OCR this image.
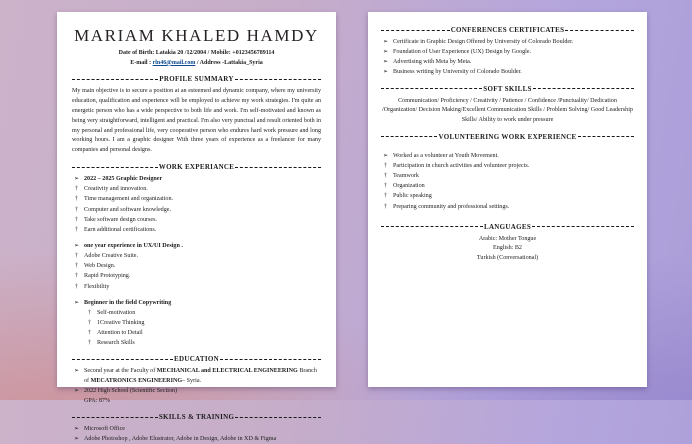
MARIAM KHALED HAMDY
Date of Birth: Latakia 20 /12/2004 / Mobile: +0123456789114
E-mail : rln46@mail.com / Address -Lattakia_Syria
PROFILE SUMMARY
My main objective is to secure a position at an esteemed and dynamic company, where my university education, qualification and experience will be employed to achieve my work strategies. I'm quite an energetic person who has a wide perspective to both life and work. I'm self-motivated and known as being very straightforward, intelligent and practical. I'm also very punctual and result oriented both in my personal and professional life, very cooperative person who endures hard work pressure and long working hours. I am a graphic designer With three years of experience as a freelancer for many companies and personal designs.
WORK EXPERIANCE
➢ 2022 – 2025 Graphic Designer
† Creativity and innovation.
† Time management and organization.
† Computer and software knowledge.
† Take software design courses.
† Earn additional certifications.
➢ one year experience in UX/UI Design .
† Adobe Creative Suite.
† Web Design.
† Rapid Prototyping.
† Flexibility
➢ Beginner in the field Copywriting
† Self-motivation
† 1Creative Thinking
† Attention to Detail
† Research Skills
EDUCATION
➢ Second year at the Faculty of MECHANICAL and ELECTRICAL ENGINEERING Branch of MECATRONICS ENGINEERING– Syria.
➢ 2022 High School (Scientific Section)
GPA: 87%
SKILLS & TRAINING
➢ Microsoft Office
➢ Adobe Photoshop , Adobe Elustrator, Adobe in Design, Adobe in XD & Figma
CONFERENCES CERTIFICATES
➢ Certificate in Graphic Design Offered by University of Colorado Boulder.
➢ Foundation of User Experience (UX) Design by Google.
➢ Advertising with Meta by Meta.
➢ Business writing by University of Colorado Boulder.
SOFT SKILLS
Communication/ Proficiency / Creativity / Patience / Confidence /Punctuality/ Dedication /Organization/ Decision Making/Excellent Communication Skills / Problem Solving/ Good Leadership Skills/ Ability to work under pressure
VOLUNTEERING WORK EXPERIENCE
➢ Worked as a volunteer at Youth Movement.
† Participation in church activities and volunteer projects.
† Teamwork
† Organization
† Public speaking
† Preparing community and professional settings.
LANGUAGES
Arabic: Mother Tongue
English: B2
Turkish (Conversational)
